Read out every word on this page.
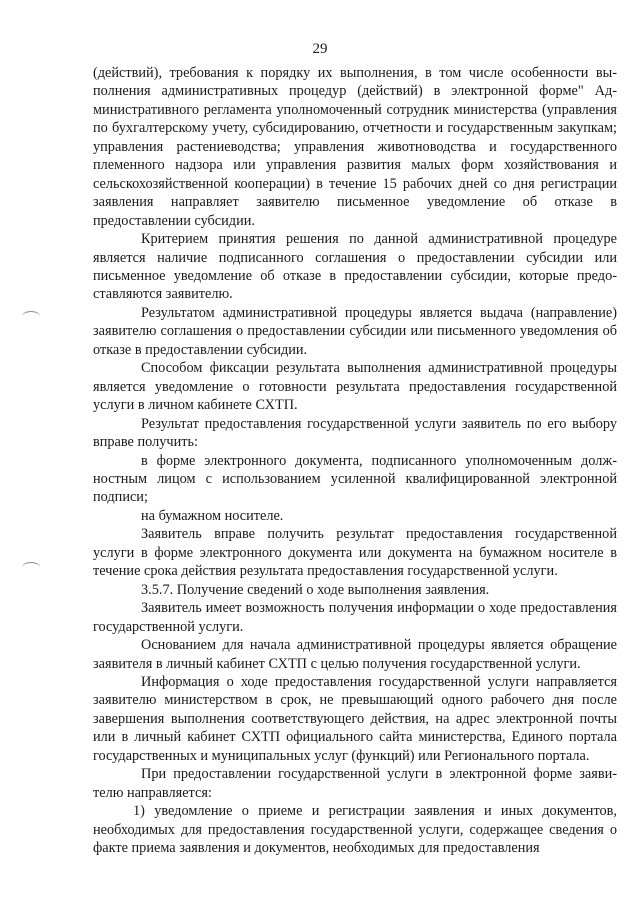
29

(действий), требования к порядку их выполнения, в том числе особенности выполнения административных процедур (действий) в электронной форме" Административного регламента уполномоченный сотрудник министерства (управления по бухгалтерскому учету, субсидированию, отчетности и государственным закупкам; управления растениеводства; управления животноводства и государственного племенного надзора или управления развития малых форм хозяйствования и сельскохозяйственной кооперации) в течение 15 рабочих дней со дня регистрации заявления направляет заявителю письменное уведомление об отказе в предоставлении субсидии.

Критерием принятия решения по данной административной процедуре является наличие подписанного соглашения о предоставлении субсидии или письменное уведомление об отказе в предоставлении субсидии, которые предоставляются заявителю.

Результатом административной процедуры является выдача (направление) заявителю соглашения о предоставлении субсидии или письменного уведомления об отказе в предоставлении субсидии.

Способом фиксации результата выполнения административной процедуры является уведомление о готовности результата предоставления государственной услуги в личном кабинете СХТП.

Результат предоставления государственной услуги заявитель по его выбору вправе получить:

в форме электронного документа, подписанного уполномоченным должностным лицом с использованием усиленной квалифицированной электронной подписи;

на бумажном носителе.

Заявитель вправе получить результат предоставления государственной услуги в форме электронного документа или документа на бумажном носителе в течение срока действия результата предоставления государственной услуги.

3.5.7. Получение сведений о ходе выполнения заявления.

Заявитель имеет возможность получения информации о ходе предоставления государственной услуги.

Основанием для начала административной процедуры является обращение заявителя в личный кабинет СХТП с целью получения государственной услуги.

Информация о ходе предоставления государственной услуги направляется заявителю министерством в срок, не превышающий одного рабочего дня после завершения выполнения соответствующего действия, на адрес электронной почты или в личный кабинет СХТП официального сайта министерства, Единого портала государственных и муниципальных услуг (функций) или Регионального портала.

При предоставлении государственной услуги в электронной форме заявителю направляется:

1) уведомление о приеме и регистрации заявления и иных документов, необходимых для предоставления государственной услуги, содержащее сведения о факте приема заявления и документов, необходимых для предоставления
